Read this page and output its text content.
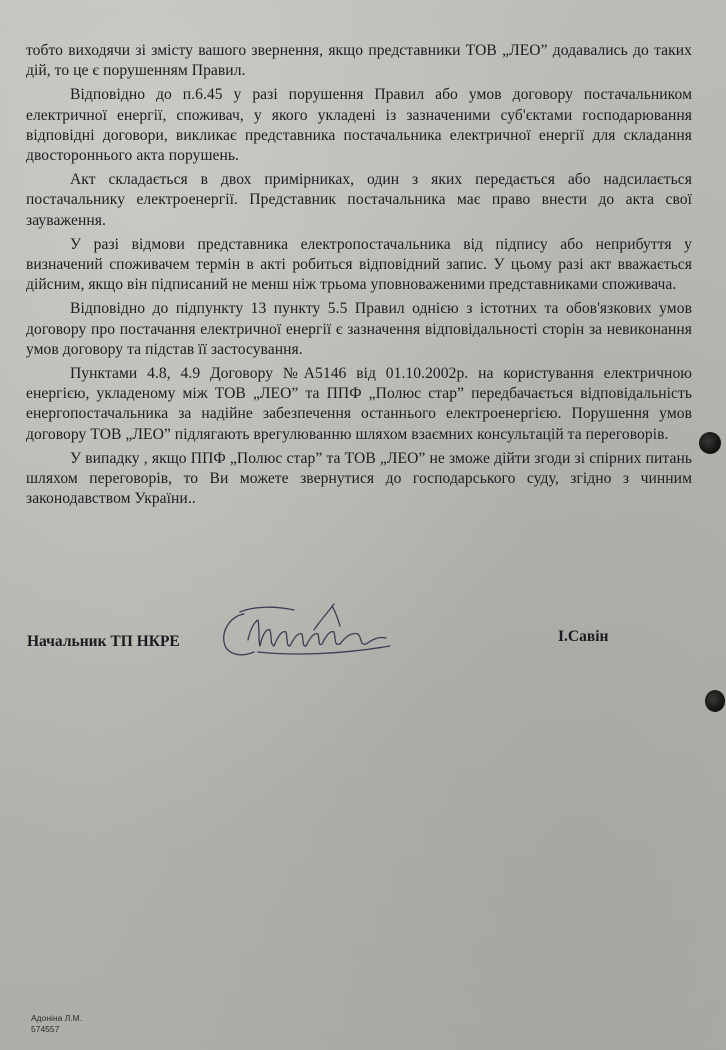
тобто виходячи зі змісту вашого звернення, якщо представники ТОВ „ЛЕО” додавались до таких дій, то це є порушенням Правил.

Відповідно до п.6.45 у разі порушення Правил або умов договору постачальником електричної енергії, споживач, у якого укладені із зазначеними суб'єктами господарювання відповідні договори, викликає представника постачальника електричної енергії для складання двостороннього акта порушень.

Акт складається в двох примірниках, один з яких передається або надсилається постачальнику електроенергії. Представник постачальника має право внести до акта свої зауваження.

У разі відмови представника електропостачальника від підпису або неприбуття у визначений споживачем термін в акті робиться відповідний запис. У цьому разі акт вважається дійсним, якщо він підписаний не менш ніж трьома уповноваженими представниками споживача.

Відповідно до підпункту 13 пункту 5.5 Правил однією з істотних та обов'язкових умов договору про постачання електричної енергії є зазначення відповідальності сторін за невиконання умов договору та підстав її застосування.

Пунктами 4.8, 4.9 Договору №А5146 від 01.10.2002р. на користування електричною енергією, укладеному між ТОВ „ЛЕО” та ППФ „Полюс стар” передбачається відповідальність енергопостачальника за надійне забезпечення останнього електроенергією. Порушення умов договору ТОВ „ЛЕО” підлягають врегулюванню шляхом взаємних консультацій та переговорів.

У випадку , якщо ППФ „Полюс стар” та ТОВ „ЛЕО” не зможе дійти згоди зі спірних питань шляхом переговорів, то Ви можете звернутися до господарського суду, згідно з чинним законодавством України..

Начальник ТП НКРЕ	І.Савін
Адоніна Л.М.
574557
